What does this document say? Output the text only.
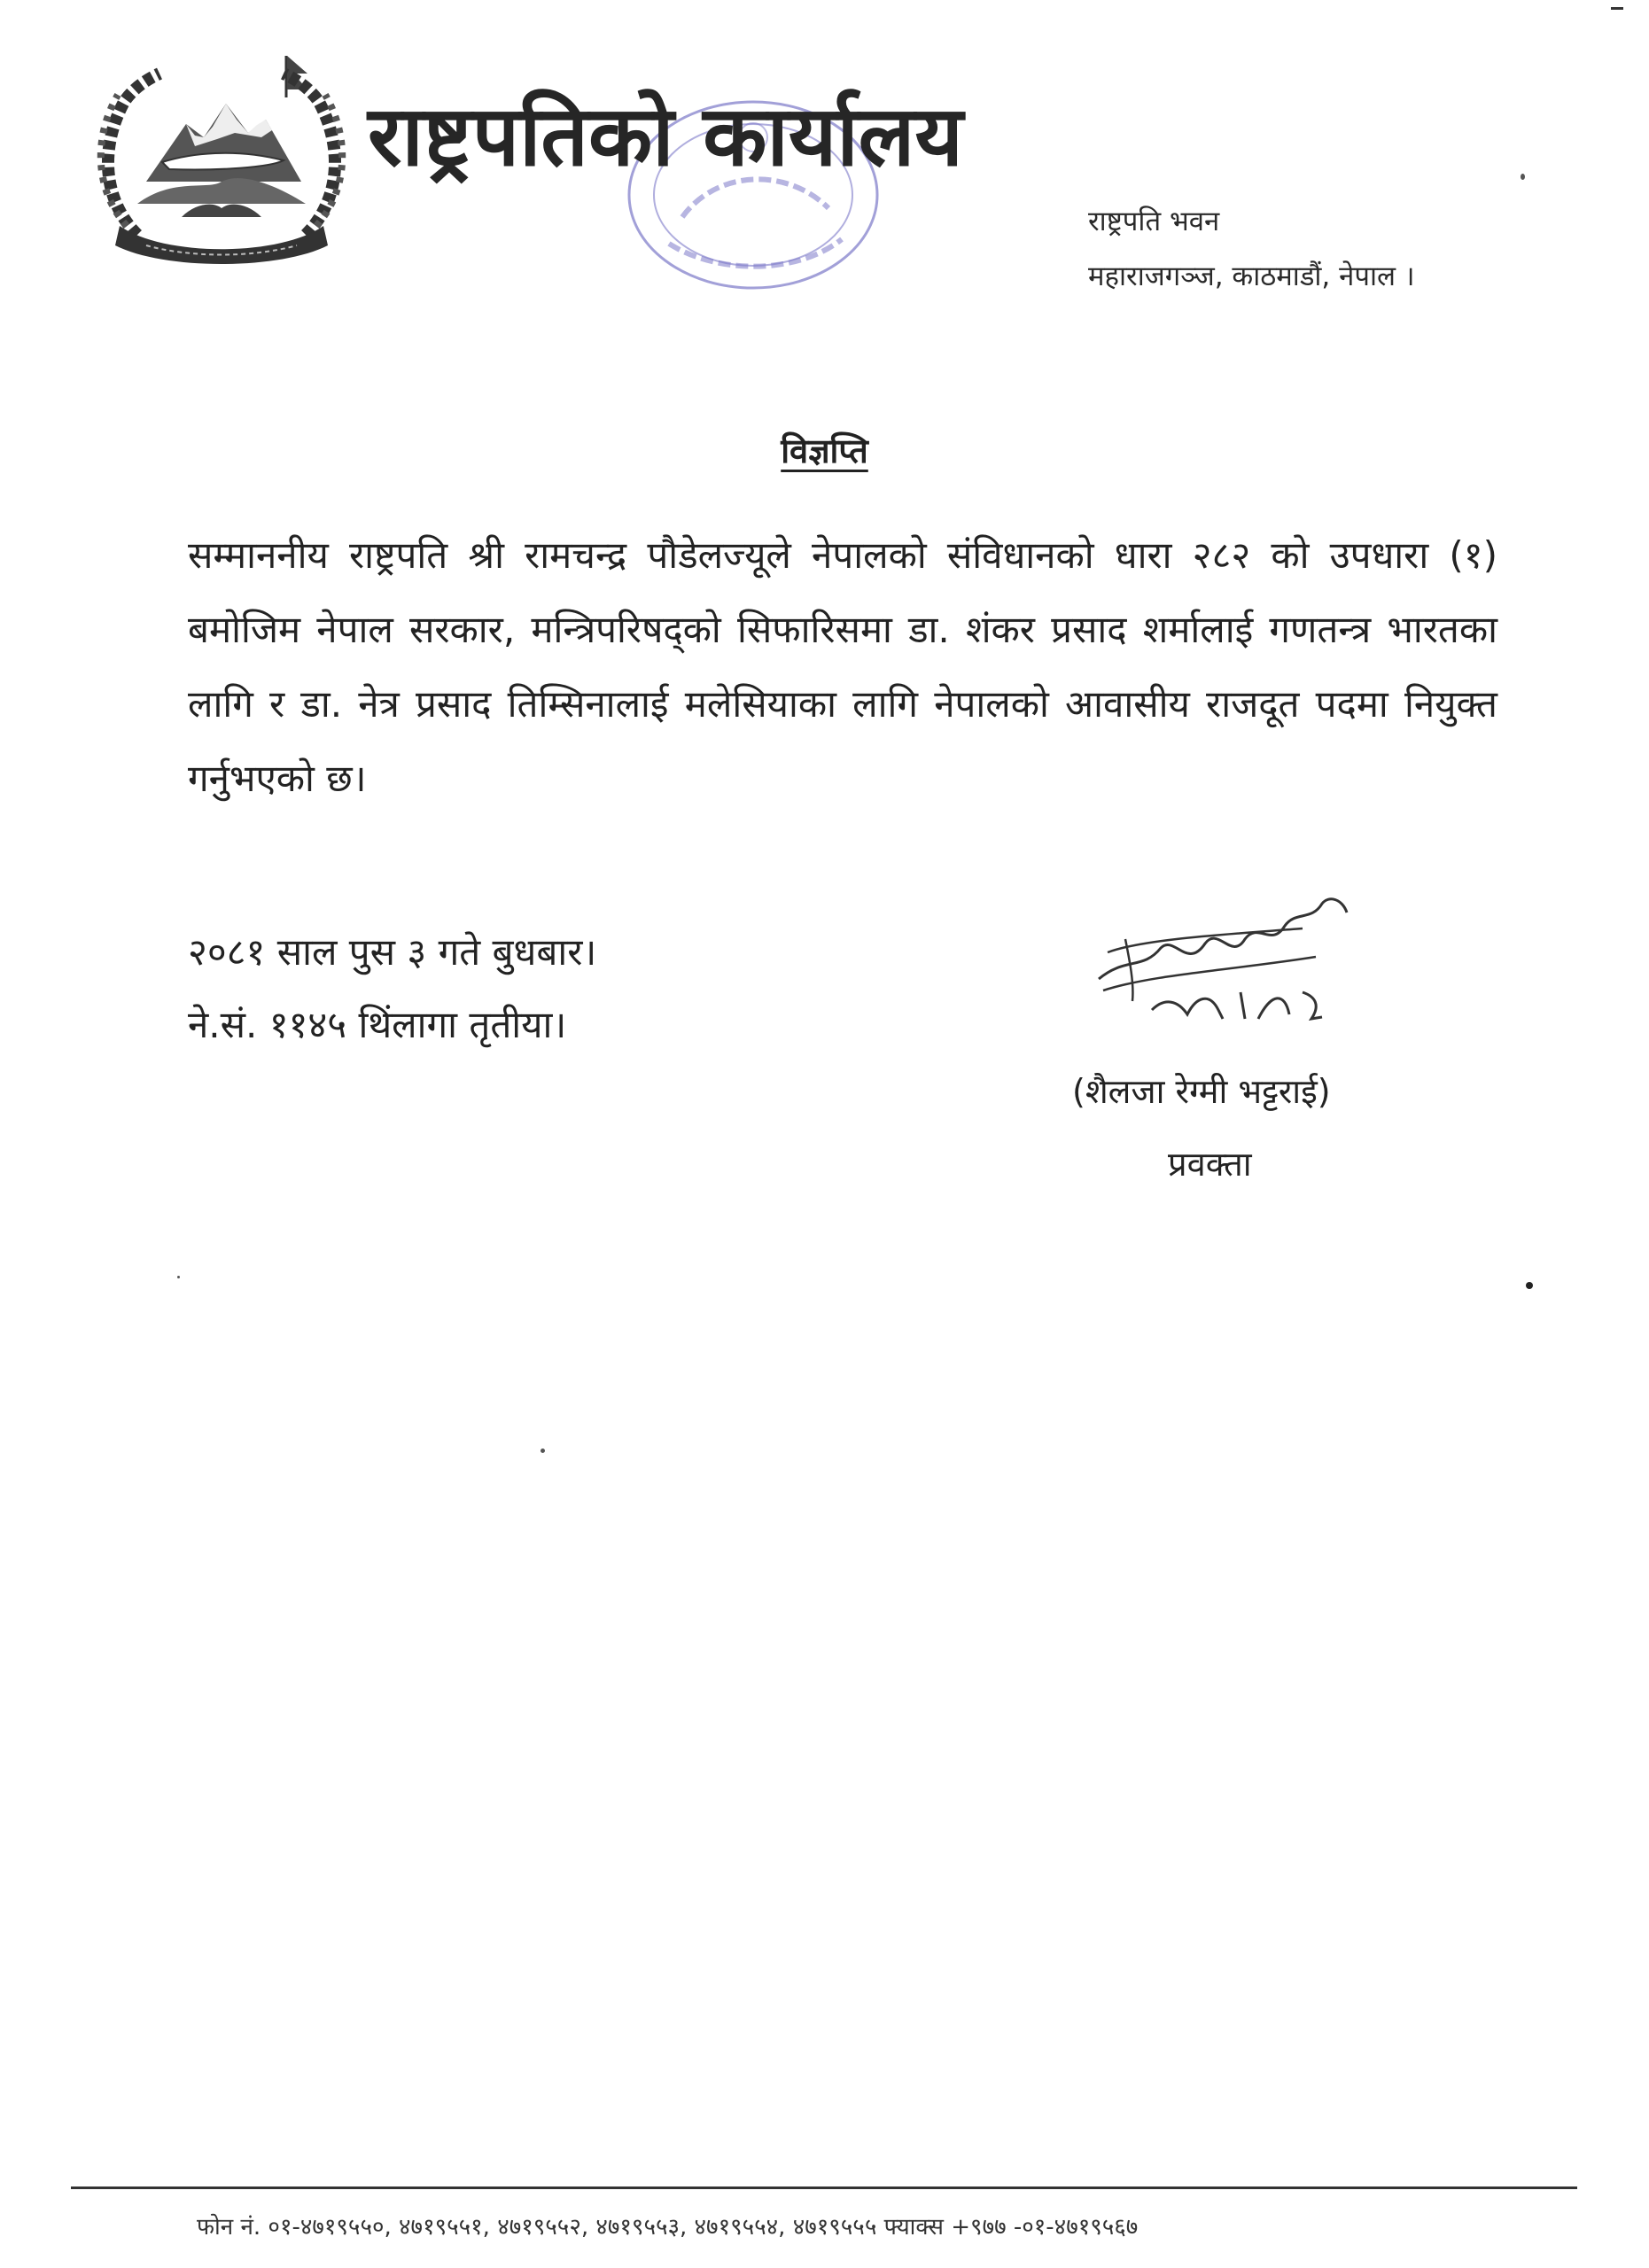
राष्ट्रपतिको कार्यालय
राष्ट्रपति भवन
महाराजगञ्ज, काठमाडौं, नेपाल ।
विज्ञप्ति
सम्माननीय राष्ट्रपति श्री रामचन्द्र पौडेलज्यूले नेपालको संविधानको धारा २८२ को उपधारा (१) बमोजिम नेपाल सरकार, मन्त्रिपरिषद्को सिफारिसमा डा. शंकर प्रसाद शर्मालाई गणतन्त्र भारतका लागि र डा. नेत्र प्रसाद तिम्सिनालाई मलेसियाका लागि नेपालको आवासीय राजदूत पदमा नियुक्त गर्नुभएको छ।
२०८१ साल पुस ३ गते बुधबार।
ने.सं. ११४५ थिंलागा तृतीया।
(शैलजा रेग्मी भट्टराई)
प्रवक्ता
फोन नं. ०१-४७१९५५०, ४७१९५५१, ४७१९५५२, ४७१९५५३, ४७१९५५४, ४७१९५५५ फ्याक्स +९७७ -०१-४७१९५६७
